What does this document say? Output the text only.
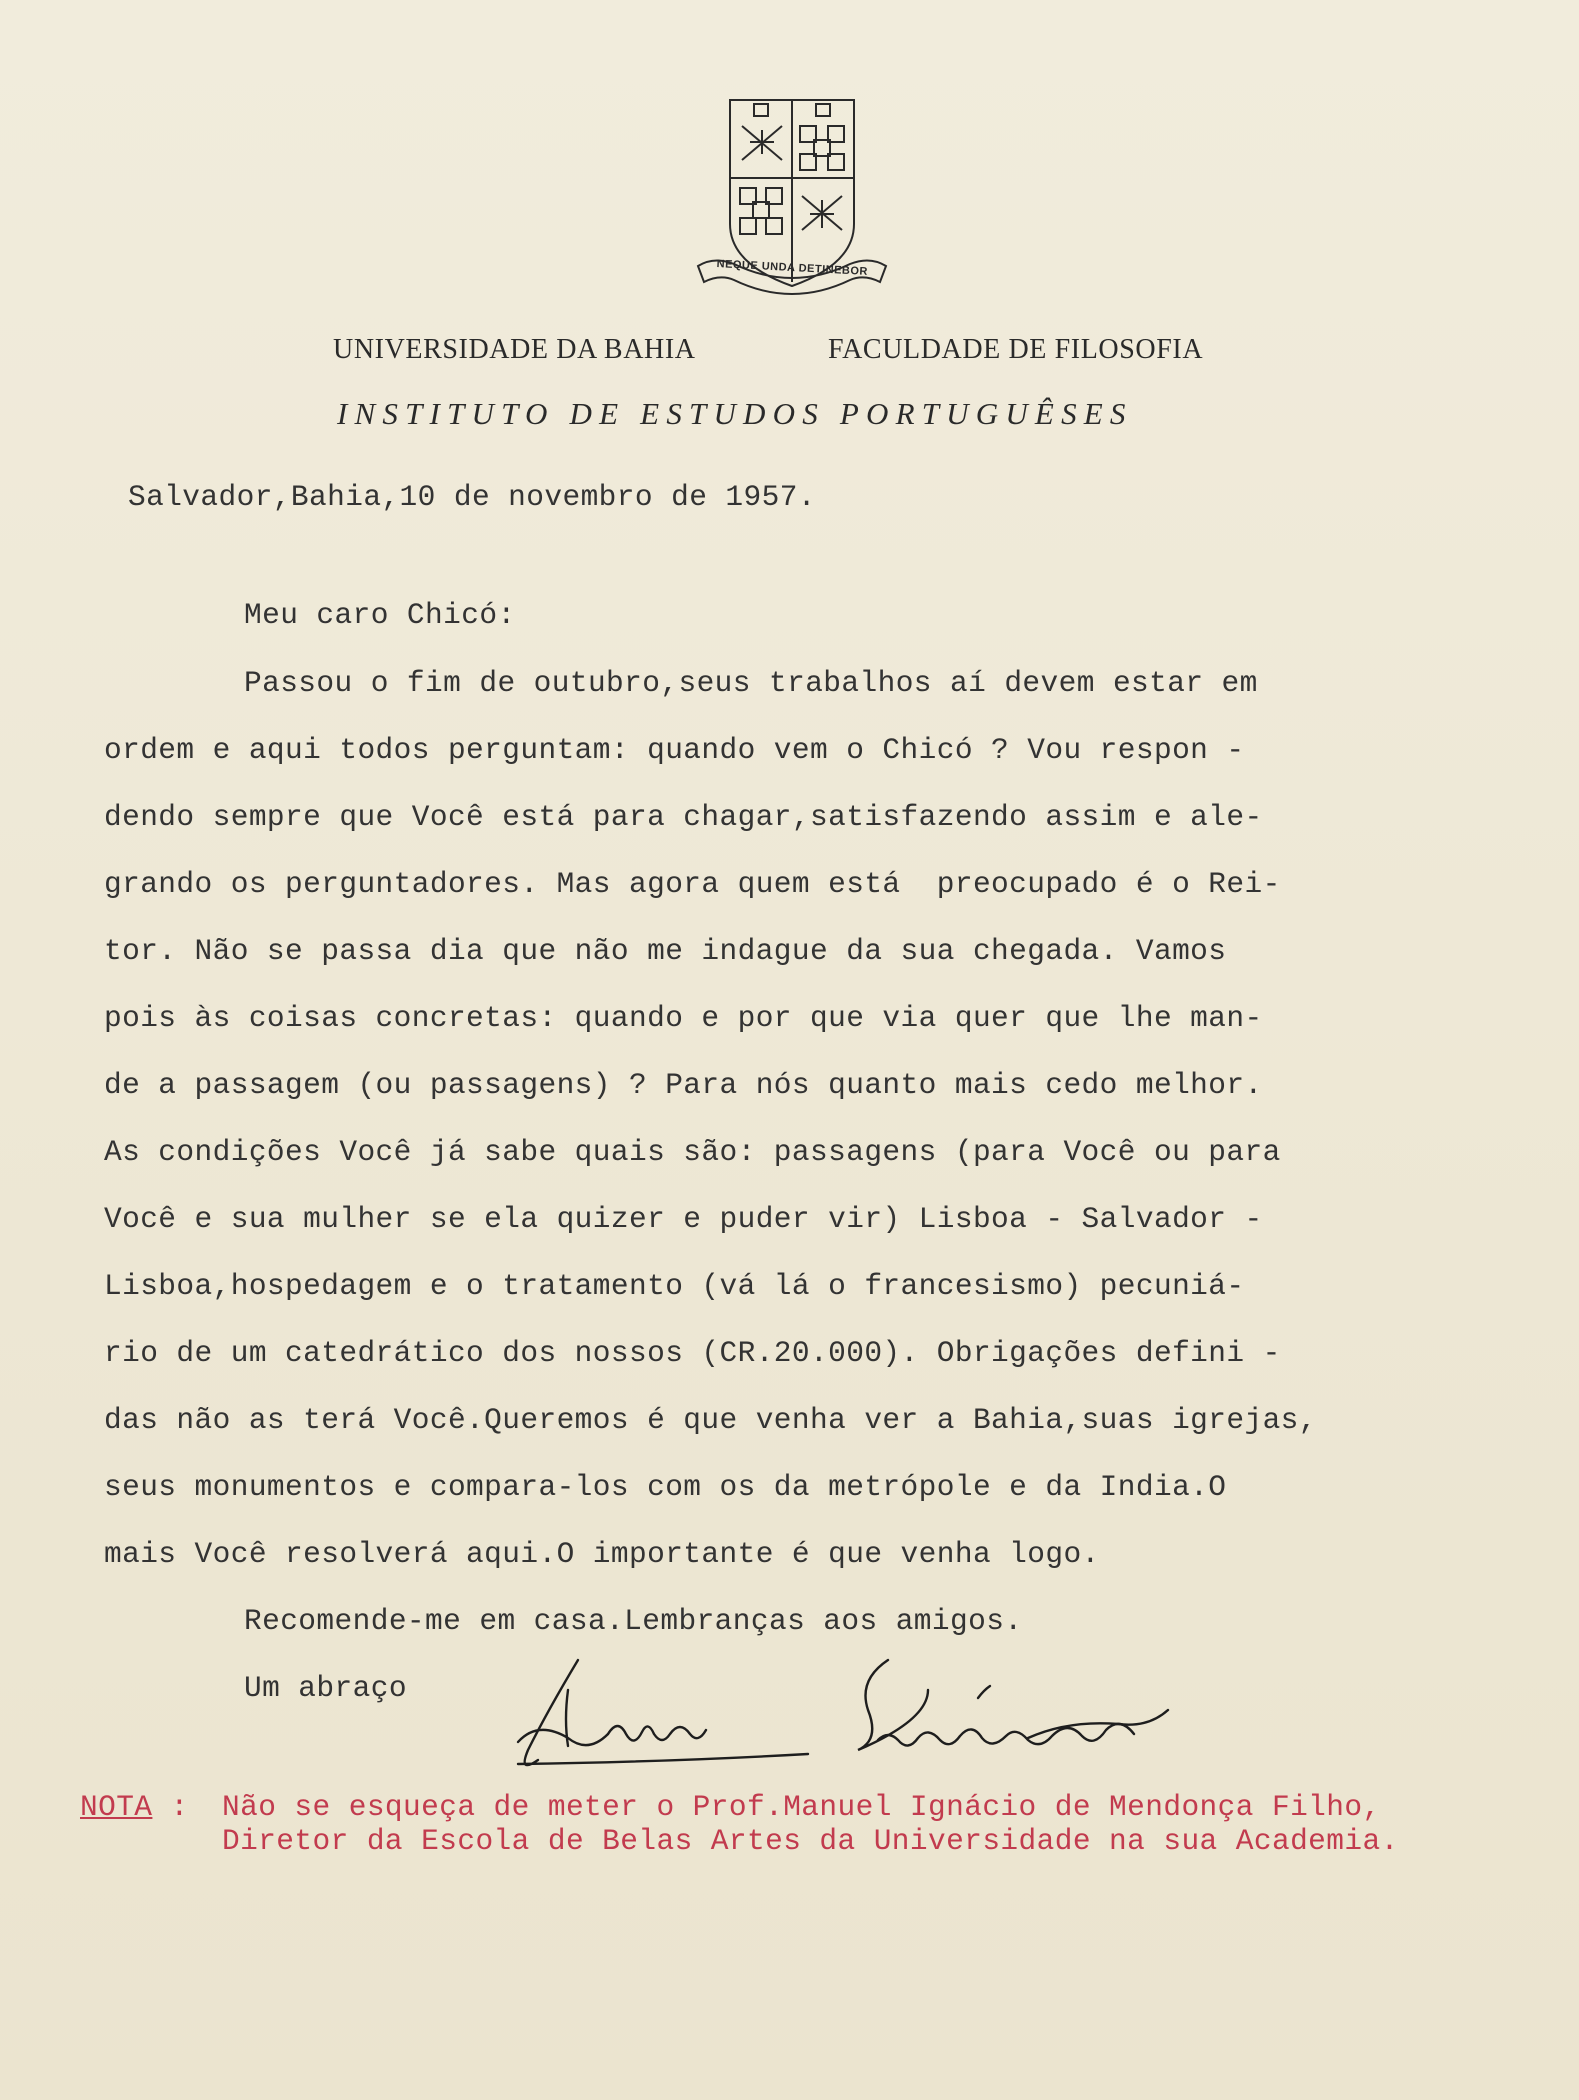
NEQUE UNDA DETINEBOR
UNIVERSIDADE DA BAHIA	FACULDADE DE FILOSOFIA
INSTITUTO DE ESTUDOS PORTUGUÊSES
Salvador,Bahia,10 de novembro de 1957.
Meu caro Chicó:
Passou o fim de outubro,seus trabalhos aí devem estar em
ordem e aqui todos perguntam: quando vem o Chicó ? Vou respon -
dendo sempre que Você está para chagar,satisfazendo assim e ale-
grando os perguntadores. Mas agora quem está  preocupado é o Rei-
tor. Não se passa dia que não me indague da sua chegada. Vamos
pois às coisas concretas: quando e por que via quer que lhe man-
de a passagem (ou passagens) ? Para nós quanto mais cedo melhor.
As condições Você já sabe quais são: passagens (para Você ou para
Você e sua mulher se ela quizer e puder vir) Lisboa - Salvador -
Lisboa,hospedagem e o tratamento (vá lá o francesismo) pecuniá-
rio de um catedrático dos nossos (CR.20.000). Obrigações defini -
das não as terá Você.Queremos é que venha ver a Bahia,suas igrejas,
seus monumentos e compara-los com os da metrópole e da India.O
mais Você resolverá aqui.O importante é que venha logo.
Recomende-me em casa.Lembranças aos amigos.
Um abraço
NOTA : Não se esqueça de meter o Prof.Manuel Ignácio de Mendonça Filho,
Diretor da Escola de Belas Artes da Universidade na sua Academia.
